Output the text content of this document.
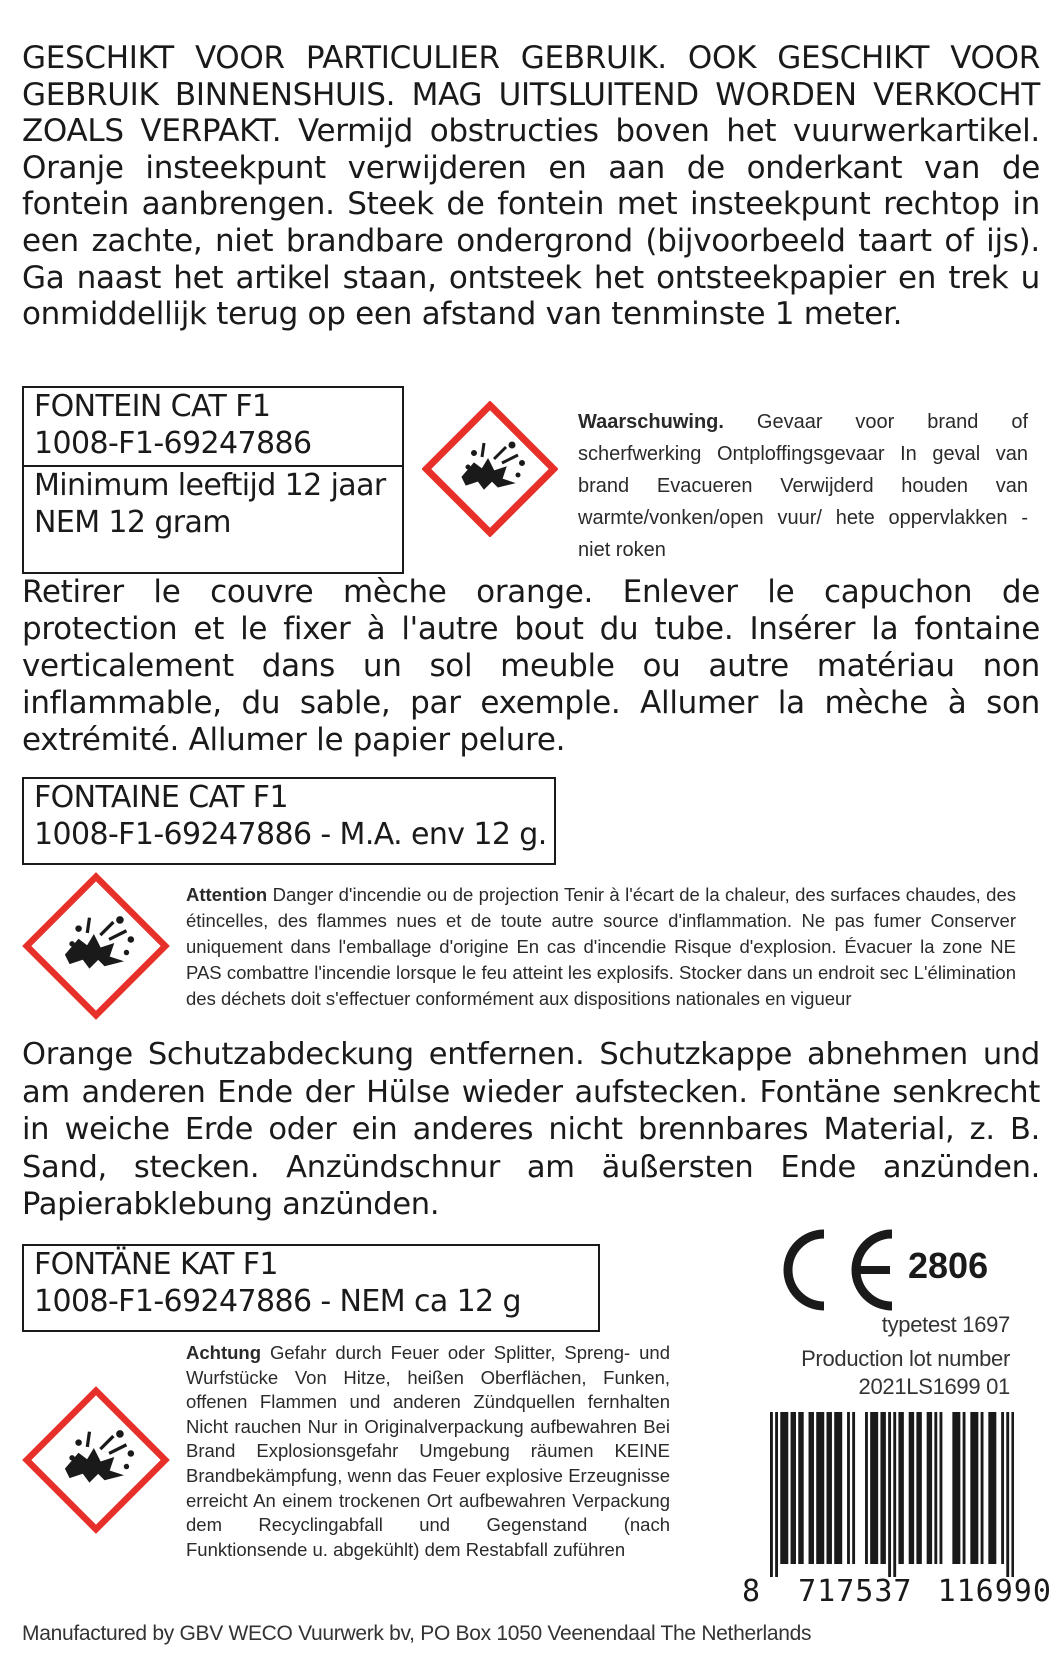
GESCHIKT VOOR PARTICULIER GEBRUIK. OOK GESCHIKT VOOR GEBRUIK BINNENSHUIS. MAG UITSLUITEND WORDEN VERKOCHT ZOALS VERPAKT. Vermijd obstructies boven het vuurwerkartikel. Oranje insteekpunt verwijderen en aan de onderkant van de fontein aanbrengen. Steek de fontein met insteekpunt rechtop in een zachte, niet brandbare ondergrond (bijvoorbeeld taart of ijs). Ga naast het artikel staan, ontsteek het ontsteekpapier en trek u onmiddellijk terug op een afstand van tenminste 1 meter.
FONTEIN CAT F1
1008-F1-69247886
Minimum leeftijd 12 jaar
NEM 12 gram
Waarschuwing. Gevaar voor brand of scherfwerking Ontploffingsgevaar In geval van brand Evacueren Verwijderd houden van warmte/vonken/open vuur/ hete oppervlakken - niet roken
Retirer le couvre mèche orange. Enlever le capuchon de protection et le fixer à l'autre bout du tube. Insérer la fontaine verticalement dans un sol meuble ou autre matériau non inflammable, du sable, par exemple. Allumer la mèche à son extrémité. Allumer le papier pelure.
FONTAINE CAT F1
1008-F1-69247886 - M.A. env 12 g.
Attention Danger d'incendie ou de projection Tenir à l'écart de la chaleur, des surfaces chaudes, des étincelles, des flammes nues et de toute autre source d'inflammation. Ne pas fumer Conserver uniquement dans l'emballage d'origine En cas d'incendie Risque d'explosion. Évacuer la zone NE PAS combattre l'incendie lorsque le feu atteint les explosifs. Stocker dans un endroit sec L'élimination des déchets doit s'effectuer conformément aux dispositions nationales en vigueur
Orange Schutzabdeckung entfernen. Schutzkappe abnehmen und am anderen Ende der Hülse wieder aufstecken. Fontäne senkrecht in weiche Erde oder ein anderes nicht brennbares Material, z. B. Sand, stecken. Anzündschnur am äußersten Ende anzünden. Papierabklebung anzünden.
FONTÄNE KAT F1
1008-F1-69247886 - NEM ca 12 g
Achtung Gefahr durch Feuer oder Splitter, Spreng- und Wurfstücke Von Hitze, heißen Oberflächen, Funken, offenen Flammen und anderen Zündquellen fernhalten Nicht rauchen Nur in Originalverpackung aufbewahren Bei Brand Explosionsgefahr Umgebung räumen KEINE Brandbekämpfung, wenn das Feuer explosive Erzeugnisse erreicht An einem trockenen Ort aufbewahren Verpackung dem Recyclingabfall und Gegenstand (nach Funktionsende u. abgekühlt) dem Restabfall zuführen
2806
typetest 1697
Production lot number
2021LS1699 01
8 717537 116990
Manufactured by GBV WECO Vuurwerk bv, PO Box 1050 Veenendaal The Netherlands
